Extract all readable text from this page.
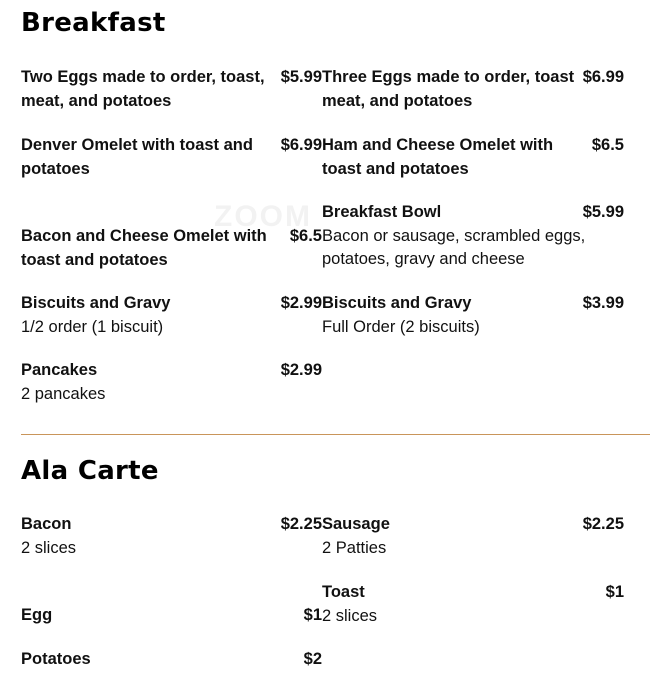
ZOOM
Breakfast
Two Eggs made to order, toast, meat, and potatoes
$5.99 Three Eggs made to order, toast meat, and potatoes
$6.99
Denver Omelet with toast and potatoes
$6.99 Ham and Cheese Omelet with toast and potatoes
$6.5
Breakfast Bowl
Bacon or sausage, scrambled eggs, potatoes, gravy and cheese
$5.99
Bacon and Cheese Omelet with toast and potatoes
$6.5
Biscuits and Gravy
1/2 order (1 biscuit)
$2.99 Biscuits and Gravy
Full Order (2 biscuits)
$3.99
Pancakes
2 pancakes
$2.99
Ala Carte
Bacon
2 slices
$2.25 Sausage
2 Patties
$2.25
Toast
2 slices
$1
Egg	$1
Potatoes	$2
